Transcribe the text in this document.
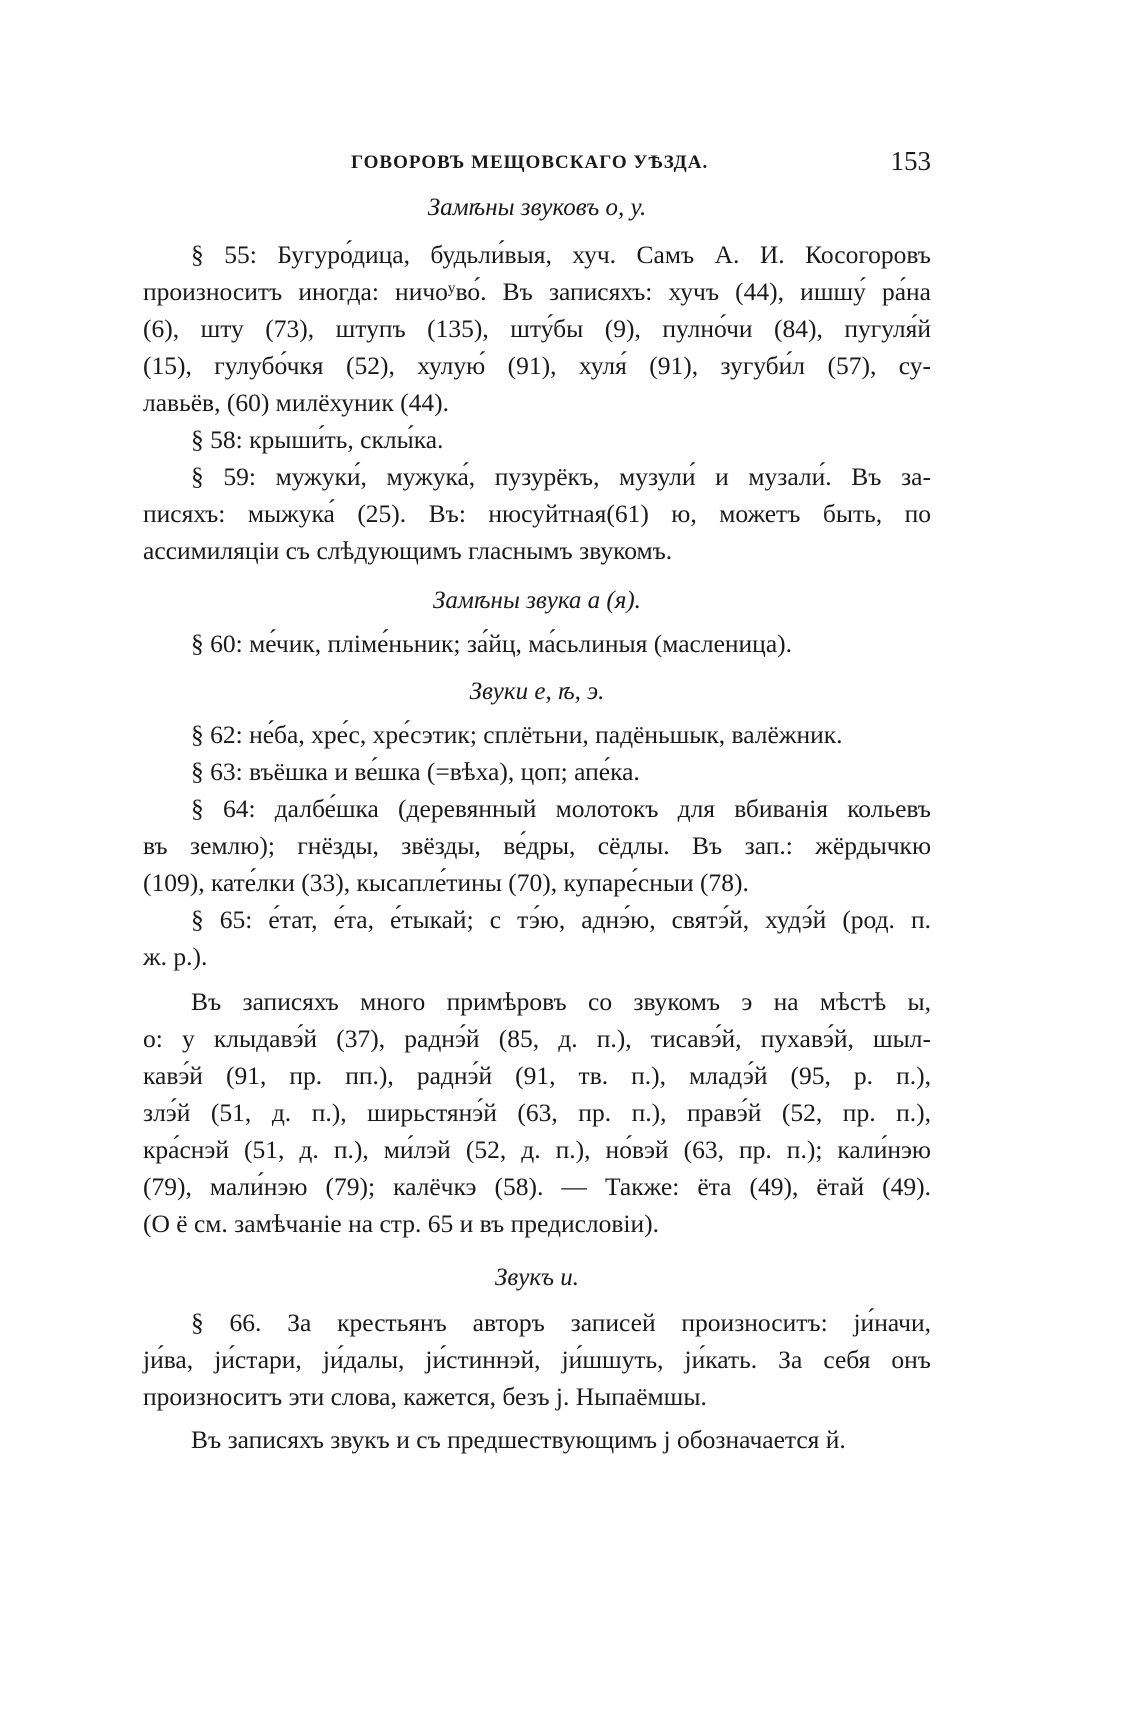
ГОВОРОВЪ МЕЩОВСКАГО УѢЗДА.	153

Замѣны звуковъ о, у.

§ 55: Бугуро́дица, будьли́выя, хуч. Самъ А. И. Косогоровъ
произноситъ иногда: ничоʸво́. Въ записяхъ: хучъ (44), ишшу́ ра́на
(6), шту (73), штупъ (135), шту́бы (9), пулно́чи (84), пугуля́й
(15), гулубо́чкя (52), хулую́ (91), хуля́ (91), зугуби́л (57), су-
лавьёв, (60) милёхуник (44).

§ 58: крыши́ть, склы́ка.

§ 59: мужуки́, мужука́, пузурёкъ, музули́ и музали́. Въ за-
писяхъ: мыжука́ (25). Въ: нюсуйтная(61) ю, можетъ быть, по
ассимиляціи съ слѣдующимъ гласнымъ звукомъ.

Замѣны звука а (я).

§ 60: ме́чик, пліме́ньник; за́йц, ма́сьлиныя (масленица).

Звуки е, ѣ, э.

§ 62: не́ба, хре́с, хре́сэтик; сплётьни, падёньшык, валёжник.

§ 63: въёшка и ве́шка (=вѣха), цоп; апе́ка.

§ 64: далбе́шка (деревянный молотокъ для вбиванія кольевъ
въ землю); гнёзды, звёзды, ве́дры, сёдлы. Въ зап.: жёрдычкю
(109), кате́лки (33), кысапле́тины (70), купаре́сныи (78).

§ 65: е́тат, е́та, е́тыкай; с тэ́ю, аднэ́ю, святэ́й, худэ́й (род. п.
ж. р.).

Въ записяхъ много примѣровъ со звукомъ э на мѣстѣ ы,
о: у клыдавэ́й (37), раднэ́й (85, д. п.), тисавэ́й, пухавэ́й, шыл-
кавэ́й (91, пр. пп.), раднэ́й (91, тв. п.), младэ́й (95, р. п.),
злэ́й (51, д. п.), ширьстянэ́й (63, пр. п.), правэ́й (52, пр. п.),
кра́снэй (51, д. п.), ми́лэй (52, д. п.), но́вэй (63, пр. п.); кали́нэю
(79), мали́нэю (79); калёчкэ (58). — Также: ёта (49), ётай (49).
(О ё см. замѣчаніе на стр. 65 и въ предисловіи).

Звукъ и.

§ 66. За крестьянъ авторъ записей произноситъ: ји́начи,
ји́ва, ји́стари, ји́далы, ји́стиннэй, ји́шшуть, ји́кать. За себя онъ
произноситъ эти слова, кажется, безъ ј. Ныпаёмшы.

Въ записяхъ звукъ и съ предшествующимъ ј обозначается й.
